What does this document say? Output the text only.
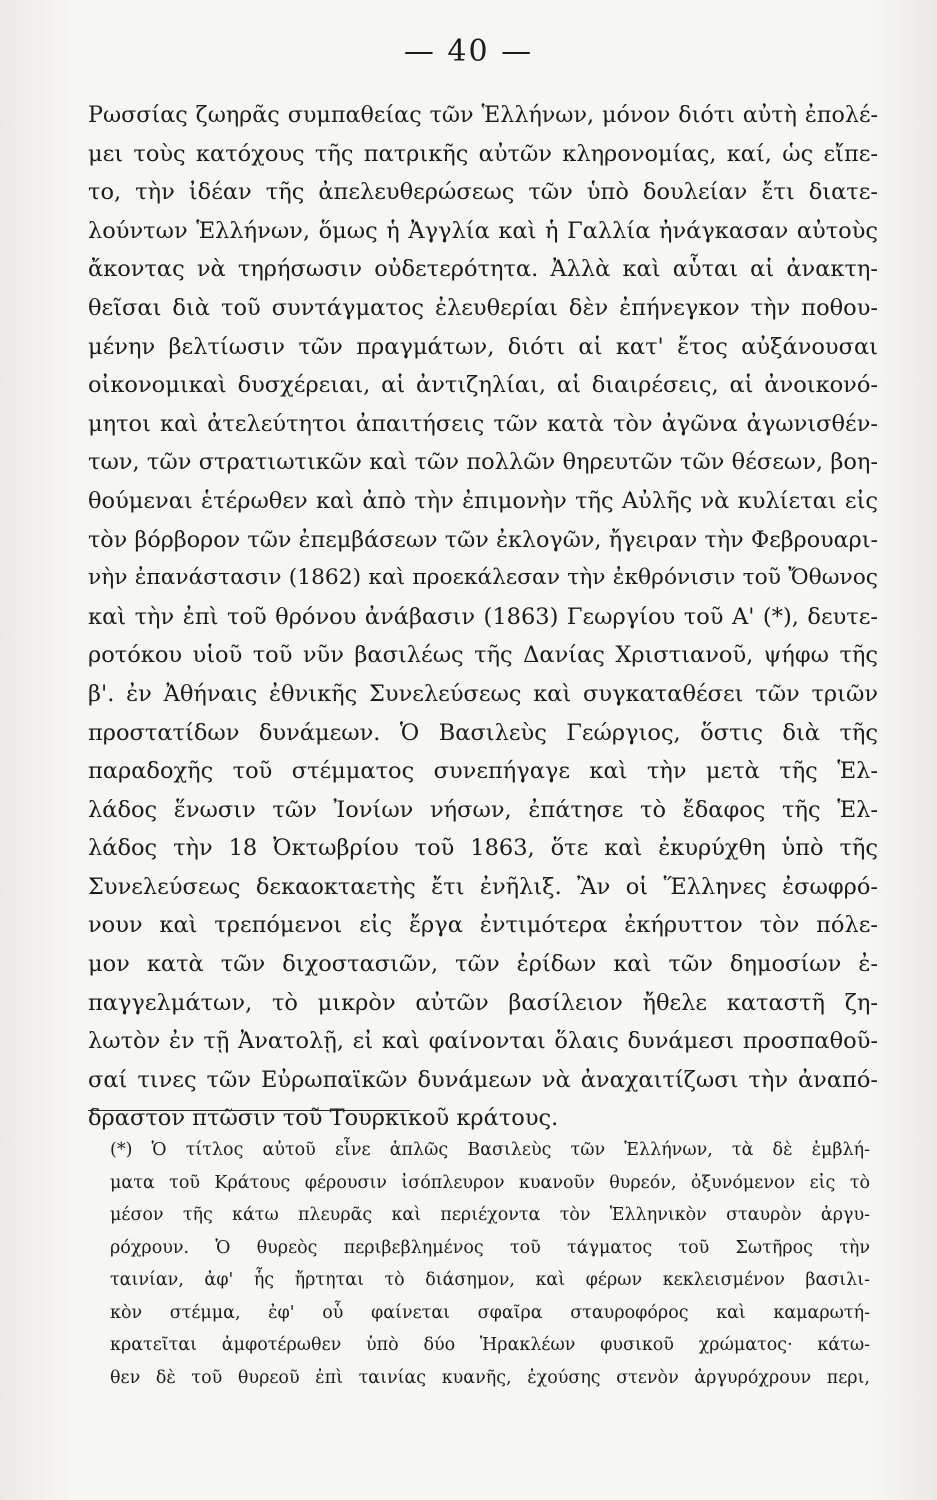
— 40 —
Ρωσσίας ζωηρᾶς συμπαθείας τῶν Ἑλλήνων, μόνον διότι αὐτὴ ἐπολέ-
μει τοὺς κατόχους τῆς πατρικῆς αὐτῶν κληρονομίας, καί, ὡς εἴπε-
το, τὴν ἰδέαν τῆς ἀπελευθερώσεως τῶν ὑπὸ δουλείαν ἔτι διατε-
λούντων Ἑλλήνων, ὅμως ἡ Ἀγγλία καὶ ἡ Γαλλία ἠνάγκασαν αὐτοὺς
ἄκοντας νὰ τηρήσωσιν οὐδετερότητα. Ἀλλὰ καὶ αὗται αἱ ἀνακτη-
θεῖσαι διὰ τοῦ συντάγματος ἐλευθερίαι δὲν ἐπήνεγκον τὴν ποθου-
μένην βελτίωσιν τῶν πραγμάτων, διότι αἱ κατ' ἔτος αὐξάνουσαι
οἰκονομικαὶ δυσχέρειαι, αἱ ἀντιζηλίαι, αἱ διαιρέσεις, αἱ ἀνοικονό-
μητοι καὶ ἀτελεύτητοι ἀπαιτήσεις τῶν κατὰ τὸν ἀγῶνα ἀγωνισθέν-
των, τῶν στρατιωτικῶν καὶ τῶν πολλῶν θηρευτῶν τῶν θέσεων, βοη-
θούμεναι ἑτέρωθεν καὶ ἀπὸ τὴν ἐπιμονὴν τῆς Αὐλῆς νὰ κυλίεται εἰς
τὸν βόρβορον τῶν ἐπεμβάσεων τῶν ἐκλογῶν, ἤγειραν τὴν Φεβρουαρι-
νὴν ἐπανάστασιν (1862) καὶ προεκάλεσαν τὴν ἐκθρόνισιν τοῦ Ὄθωνος
καὶ τὴν ἐπὶ τοῦ θρόνου ἀνάβασιν (1863) Γεωργίου τοῦ Α' (*), δευτε-
ροτόκου υἱοῦ τοῦ νῦν βασιλέως τῆς Δανίας Χριστιανοῦ, ψήφω τῆς
β'. ἐν Ἀθήναις ἐθνικῆς Συνελεύσεως καὶ συγκαταθέσει τῶν τριῶν
προστατίδων δυνάμεων. Ὁ Βασιλεὺς Γεώργιος, ὅστις διὰ τῆς
παραδοχῆς τοῦ στέμματος συνεπήγαγε καὶ τὴν μετὰ τῆς Ἑλ-
λάδος ἕνωσιν τῶν Ἰονίων νήσων, ἐπάτησε τὸ ἔδαφος τῆς Ἑλ-
λάδος τὴν 18 Ὀκτωβρίου τοῦ 1863, ὅτε καὶ ἐκυρύχθη ὑπὸ τῆς
Συνελεύσεως δεκαοκταετὴς ἔτι ἐνῆλιξ. Ἂν οἱ Ἕλληνες ἐσωφρό-
νουν καὶ τρεπόμενοι εἰς ἔργα ἐντιμότερα ἐκήρυττον τὸν πόλε-
μον κατὰ τῶν διχοστασιῶν, τῶν ἐρίδων καὶ τῶν δημοσίων ἐ-
παγγελμάτων, τὸ μικρὸν αὐτῶν βασίλειον ἤθελε καταστῆ ζη-
λωτὸν ἐν τῇ Ἀνατολῇ, εἰ καὶ φαίνονται ὅλαις δυνάμεσι προσπαθοῦ-
σαί τινες τῶν Εὐρωπαϊκῶν δυνάμεων νὰ ἀναχαιτίζωσι τὴν ἀναπό-
δραστον πτῶσιν τοῦ Τουρκικοῦ κράτους.
(*) Ὁ τίτλος αὐτοῦ εἶνε ἁπλῶς Βασιλεὺς τῶν Ἑλλήνων, τὰ δὲ ἐμβλή-
ματα τοῦ Κράτους φέρουσιν ἰσόπλευρον κυανοῦν θυρεόν, ὀξυνόμενον εἰς τὸ
μέσον τῆς κάτω πλευρᾶς καὶ περιέχοντα τὸν Ἑλληνικὸν σταυρὸν ἀργυ-
ρόχρουν. Ὁ θυρεὸς περιβεβλημένος τοῦ τάγματος τοῦ Σωτῆρος τὴν
ταινίαν, ἀφ' ἧς ἤρτηται τὸ διάσημον, καὶ φέρων κεκλεισμένον βασιλι-
κὸν στέμμα, ἐφ' οὗ φαίνεται σφαῖρα σταυροφόρος καὶ καμαρωτή-
κρατεῖται ἀμφοτέρωθεν ὑπὸ δύο Ἡρακλέων φυσικοῦ χρώματος· κάτω-
θεν δὲ τοῦ θυρεοῦ ἐπὶ ταινίας κυανῆς, ἐχούσης στενὸν ἀργυρόχρουν περι,
